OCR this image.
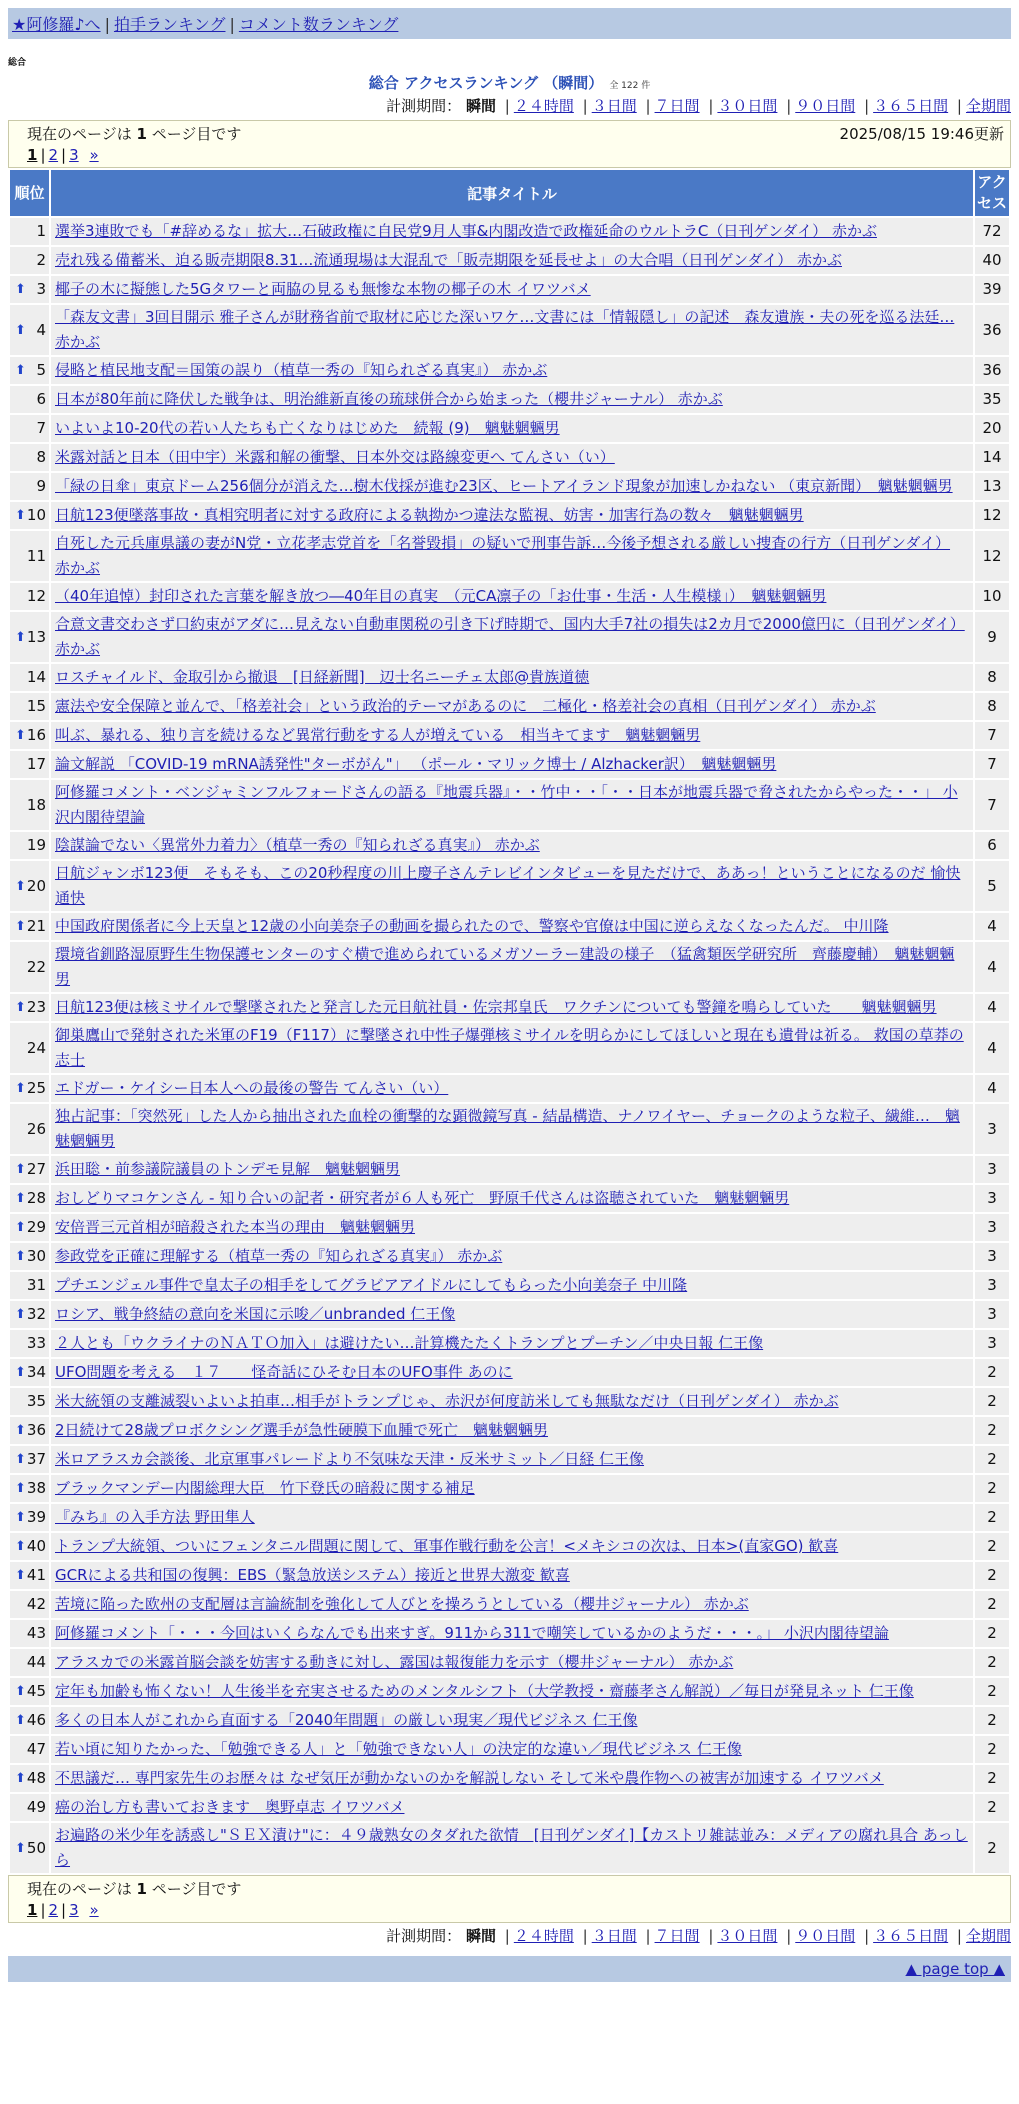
★阿修羅♪へ | 拍手ランキング | コメント数ランキング
総合
総合 アクセスランキング （瞬間） 全 122 件
計測期間： 瞬間 | ２４時間 | ３日間 | ７日間 | ３０日間 | ９０日間 | ３６５日間 | 全期間
現在のページは 1 ページ目です	2025/08/15 19:46更新
1 | 2 | 3 »
順位	記事タイトル	アクセス
1	選挙3連敗でも「#辞めるな」拡大…石破政権に自民党9月人事&内閣改造で政権延命のウルトラC（日刊ゲンダイ） 赤かぶ	72
2	売れ残る備蓄米、迫る販売期限8.31…流通現場は大混乱で「販売期限を延長せよ」の大合唱（日刊ゲンダイ） 赤かぶ	40

⬆ 3	椰子の木に擬態した5Gタワーと両脇の見るも無惨な本物の椰子の木 イワツバメ	39

⬆ 4	「森友文書」3回目開示 雅子さんが財務省前で取材に応じた深いワケ…文書には「情報隠し」の記述　森友遺族・夫の死を巡る法廷… 赤かぶ	36

⬆ 5	侵略と植民地支配＝国策の誤り（植草一秀の『知られざる真実』） 赤かぶ	36
6	日本が80年前に降伏した戦争は、明治維新直後の琉球併合から始まった（櫻井ジャーナル） 赤かぶ	35
7	いよいよ10-20代の若い人たちも亡くなりはじめた　続報 (9)　魑魅魍魎男	20
8	米露対話と日本（田中宇）米露和解の衝撃、日本外交は路線変更へ てんさい（い）	14
9	「緑の日傘」東京ドーム256個分が消えた…樹木伐採が進む23区、ヒートアイランド現象が加速しかねない （東京新聞）　魑魅魍魎男	13

⬆ 10	日航123便墜落事故・真相究明者に対する政府による執拗かつ違法な監視、妨害・加害行為の数々　魑魅魍魎男	12
11	自死した元兵庫県議の妻がN党・立花孝志党首を「名誉毀損」の疑いで刑事告訴…今後予想される厳しい捜査の行方（日刊ゲンダイ） 赤かぶ	12
12	（40年追悼）封印された言葉を解き放つ―40年目の真実　（元CA凛子の「お仕事・生活・人生模様」）　魑魅魍魎男	10

⬆ 13	合意文書交わさず口約束がアダに…見えない自動車関税の引き下げ時期で、国内大手7社の損失は2カ月で2000億円に（日刊ゲンダイ） 赤かぶ	9
14	ロスチャイルド、金取引から撤退　[日経新聞]　辺士名ニーチェ太郎@貴族道徳	8
15	憲法や安全保障と並んで、「格差社会」という政治的テーマがあるのに　二極化・格差社会の真相（日刊ゲンダイ） 赤かぶ	8

⬆ 16	叫ぶ、暴れる、独り言を続けるなど異常行動をする人が増えている　相当キてます　魑魅魍魎男	7
17	論文解説 「COVID-19 mRNA誘発性"ターボがん"」 （ポール・マリック博士 / Alzhacker訳）　魑魅魍魎男	7
18	阿修羅コメント・ベンジャミンフルフォードさんの語る『地震兵器』・・竹中・・「・・日本が地震兵器で脅されたからやった・・」 小沢内閣待望論	7
19	陰謀論でない〈異常外力着力〉（植草一秀の『知られざる真実』） 赤かぶ	6

⬆ 20	日航ジャンボ123便　そもそも、この20秒程度の川上慶子さんテレビインタビューを見ただけで、ああっ！ということになるのだ 愉快通快	5

⬆ 21	中国政府関係者に今上天皇と12歳の小向美奈子の動画を撮られたので、警察や官僚は中国に逆らえなくなったんだ。 中川隆	4
22	環境省釧路湿原野生生物保護センターのすぐ横で進められているメガソーラー建設の様子　（猛禽類医学研究所　齊藤慶輔）　魑魅魍魎男	4

⬆ 23	日航123便は核ミサイルで撃墜されたと発言した元日航社員・佐宗邦皇氏　ワクチンについても警鐘を鳴らしていた　　魑魅魍魎男	4
24	御巣鷹山で発射された米軍のF19（F117）に撃墜され中性子爆弾核ミサイルを明らかにしてほしいと現在も遺骨は祈る。 救国の草莽の志士	4

⬆ 25	エドガー・ケイシー日本人への最後の警告 てんさい（い）	4
26	独占記事：「突然死」した人から抽出された血栓の衝撃的な顕微鏡写真 - 結晶構造、ナノワイヤー、チョークのような粒子、繊維…　魑魅魍魎男	3

⬆ 27	浜田聡・前参議院議員のトンデモ見解　魑魅魍魎男	3

⬆ 28	おしどりマコケンさん - 知り合いの記者・研究者が６人も死亡　野原千代さんは盗聴されていた　魑魅魍魎男	3

⬆ 29	安倍晋三元首相が暗殺された本当の理由　魑魅魍魎男	3

⬆ 30	参政党を正確に理解する（植草一秀の『知られざる真実』） 赤かぶ	3
31	プチエンジェル事件で皇太子の相手をしてグラビアアイドルにしてもらった小向美奈子 中川隆	3

⬆ 32	ロシア、戦争終結の意向を米国に示唆／unbranded 仁王像	3
33	２人とも「ウクライナのＮＡＴＯ加入」は避けたい…計算機たたくトランプとプーチン／中央日報 仁王像	3

⬆ 34	UFO問題を考える　１７　　怪奇話にひそむ日本のUFO事件 あのに	2
35	米大統領の支離滅裂いよいよ拍車…相手がトランプじゃ、赤沢が何度訪米しても無駄なだけ（日刊ゲンダイ） 赤かぶ	2

⬆ 36	2日続けて28歳プロボクシング選手が急性硬膜下血腫で死亡　魑魅魍魎男	2

⬆ 37	米ロアラスカ会談後、北京軍事パレードより不気味な天津・反米サミット／日経 仁王像	2

⬆ 38	ブラックマンデー内閣総理大臣　竹下登氏の暗殺に関する補足	2

⬆ 39	『みち』の入手方法 野田隼人	2

⬆ 40	トランプ大統領、ついにフェンタニル問題に関して、軍事作戦行動を公言！<メキシコの次は、日本>(直家GO) 歓喜	2

⬆ 41	GCRによる共和国の復興：EBS（緊急放送システム）接近と世界大激変 歓喜	2
42	苦境に陥った欧州の支配層は言論統制を強化して人びとを操ろうとしている（櫻井ジャーナル） 赤かぶ	2
43	阿修羅コメント「・・・今回はいくらなんでも出来すぎ。911から311で嘲笑しているかのようだ・・・。」 小沢内閣待望論	2
44	アラスカでの米露首脳会談を妨害する動きに対し、露国は報復能力を示す（櫻井ジャーナル） 赤かぶ	2

⬆ 45	定年も加齢も怖くない！人生後半を充実させるためのメンタルシフト（大学教授・齋藤孝さん解説）／毎日が発見ネット 仁王像	2

⬆ 46	多くの日本人がこれから直面する「2040年問題」の厳しい現実／現代ビジネス 仁王像	2
47	若い頃に知りたかった、「勉強できる人」と「勉強できない人」の決定的な違い／現代ビジネス 仁王像	2

⬆ 48	不思議だ… 専門家先生のお歴々は なぜ気圧が動かないのかを解説しない そして米や農作物への被害が加速する イワツバメ	2
49	癌の治し方も書いておきます　奥野卓志 イワツバメ	2

⬆ 50	お遍路の米少年を誘惑し"ＳＥＸ漬け"に：４９歳熟女のタダれた欲情　[日刊ゲンダイ]【カストリ雑誌並み：メディアの腐れ具合 あっしら	2
現在のページは 1 ページ目です
1 | 2 | 3 »
計測期間： 瞬間 | ２４時間 | ３日間 | ７日間 | ３０日間 | ９０日間 | ３６５日間 | 全期間
▲ page top ▲
